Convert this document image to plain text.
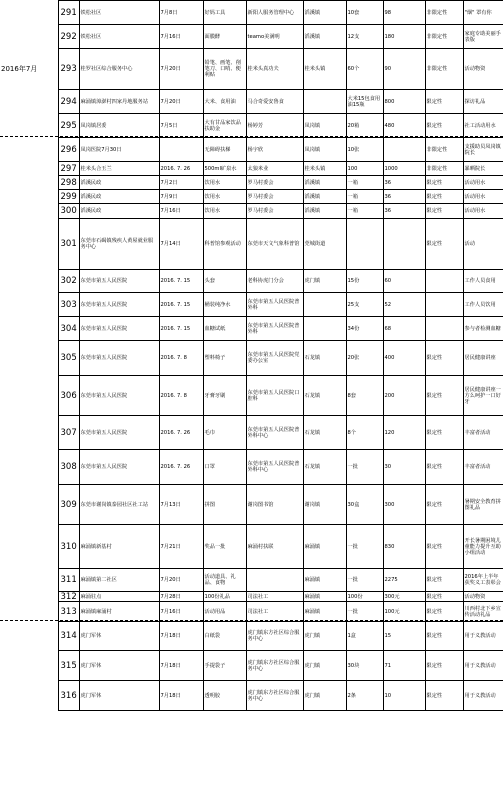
2016年7月	291	铁松社区	7月8日	好妈工具	新阳人服务管理中心	滔溪镇	10套	98	非限定性	"烟" 罩有你
	292	铁松社区	7月16日	面膜酵	teamo美满明	滔溪镇	12支	180	非限定性	家庭专助美丽手表版
	293	桂罗社区综合服务中心	7月20日	铅笔、画笔、削笔刀、口哨、便利贴	桂米头真功夫	桂米头镇	60个	90	非限定性	活动物资
	294	麻涌镇漳澎村四家丹地服务站	7月20日	大米、食用油	马合奇爱安鲁食		大米15包食用油15瓶	800	限定性	探访礼品
	295	凤岗镇居委	7月5日	大有甘品家饮品扶助金	杨婷芳	凤岗镇	20箱	480	限定性	社工活动用水
	296	凤岗医院7月30日		无障碍扶梯	杨宇欣	凤岗镇	10张		非限定性	支援助员凤岗镇院长
	297	桂米头合玉兰	2016. 7. 26	500ml矿泉水	太狼米业	桂米头镇	100	1000	非限定性	暴晒院长
	298	滔溪民政	7月2日	饮用水	罗马村委会	滔溪镇	一箱	36	限定性	活动用水
	299	滔溪民政	7月9日	饮用水	罗马村委会	滔溪镇	一箱	36	限定性	活动用水
	300	滔溪民政	7月16日	饮用水	罗马村委会	滔溪镇	一箱	36	限定性	活动用水
	301	东莞市石碣镇残疾人黄屋就业服务中心	7月14日	科普馆参观活动	东莞市天文气象科普馆	莞城街道			限定性	活动
	302	东莞市第五人民医院	2016. 7. 15	头套	老科协虎门分会	虎门镇	15份	60		工作人员食用
	303	东莞市第五人民医院	2016. 7. 15	桶装纯净水	东莞市第五人民医院普外科		25支	52		工作人员饮用
	304	东莞市第五人民医院	2016. 7. 15	血糖试纸	东莞市第五人民医院普外科		34份	68		参与者检测血糖
	305	东莞市第五人民医院	2016. 7. 8	塑料椅子	东莞市第五人民医院党委办公室	石龙镇	20张	400	限定性	居民健康讲座
	306	东莞市第五人民医院	2016. 7. 8	牙膏牙刷	东莞市第五人民医院口腔科	石龙镇	8套	200	限定性	居民健康讲座一方么呵护一口好牙
	307	东莞市第五人民医院	2016. 7. 26	毛巾	东莞市第五人民医院普外科中心	石龙镇	8个	120	限定性	丰富者活动
	308	东莞市第五人民医院	2016. 7. 26	口罩	东莞市第五人民医院普外科中心	石龙镇	一批	30	限定性	丰富者活动
	309	东莞市谢岗镇泰园社区社工站	7月13日	拼图	谢岗图书馆	谢岗镇	30盒	300	限定性	暑期安全教育拼图礼品
	310	麻涌镇新基村	7月21日	奖品一批	麻涌村扶联	麻涌镇	一批	830	限定性	开长暑期困境儿童能力提升互助小组活动
	311	麻涌镇第二社区	7月20日	活动道具、礼品、食物		麻涌镇	一批	2275	限定性	2016年上半年获奖义工表彰会
	312	麻涌驻点	7月28日	100份礼品	司法社工	麻涌镇	100份	300元	限定性	活动物资
	313	麻涌镇麻涌村	7月16日	活动用品	司法社工	麻涌镇	一批	100元	限定性	川西村北下乡宣传活动礼品
	314	虎门军休	7月18日	白纸袋	虎门镇东方社区综合服务中心	虎门镇	1盒	15	限定性	用于义教活动
	315	虎门军休	7月18日	手提袋子	虎门镇东方社区综合服务中心	虎门镇	30块	71	限定性	用于义教活动
	316	虎门军休	7月18日	透明胶	虎门镇东方社区综合服务中心	虎门镇	2条	10	限定性	用于义教活动
